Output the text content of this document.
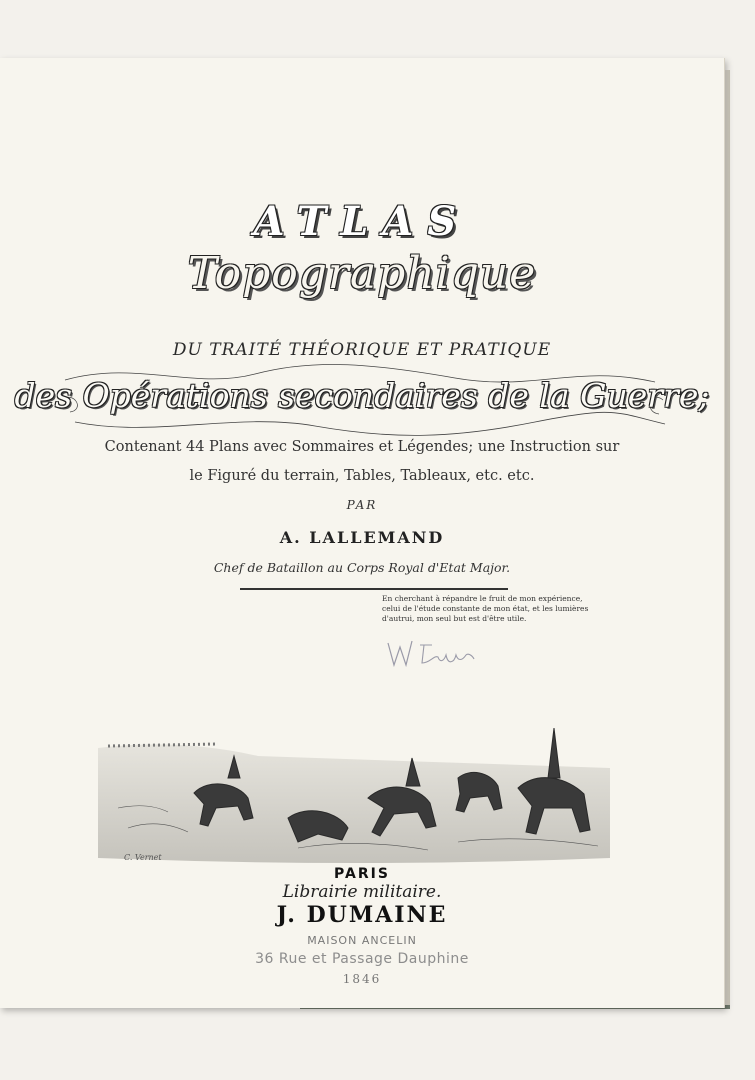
ATLAS
Topographique
DU TRAITÉ THÉORIQUE ET PRATIQUE
des Opérations secondaires de la Guerre;
Contenant 44 Plans avec Sommaires et Légendes; une Instruction sur
le Figuré du terrain, Tables, Tableaux, etc. etc.
PAR
A. LALLEMAND
Chef de Bataillon au Corps Royal d'Etat Major.
En cherchant à répandre le fruit de mon expérience,
celui de l'étude constante de mon état, et les lumières
d'autrui, mon seul but est d'être utile.
C. Vernet
PARIS
Librairie militaire.
J. DUMAINE
MAISON ANCELIN
36 Rue et Passage Dauphine
1846
